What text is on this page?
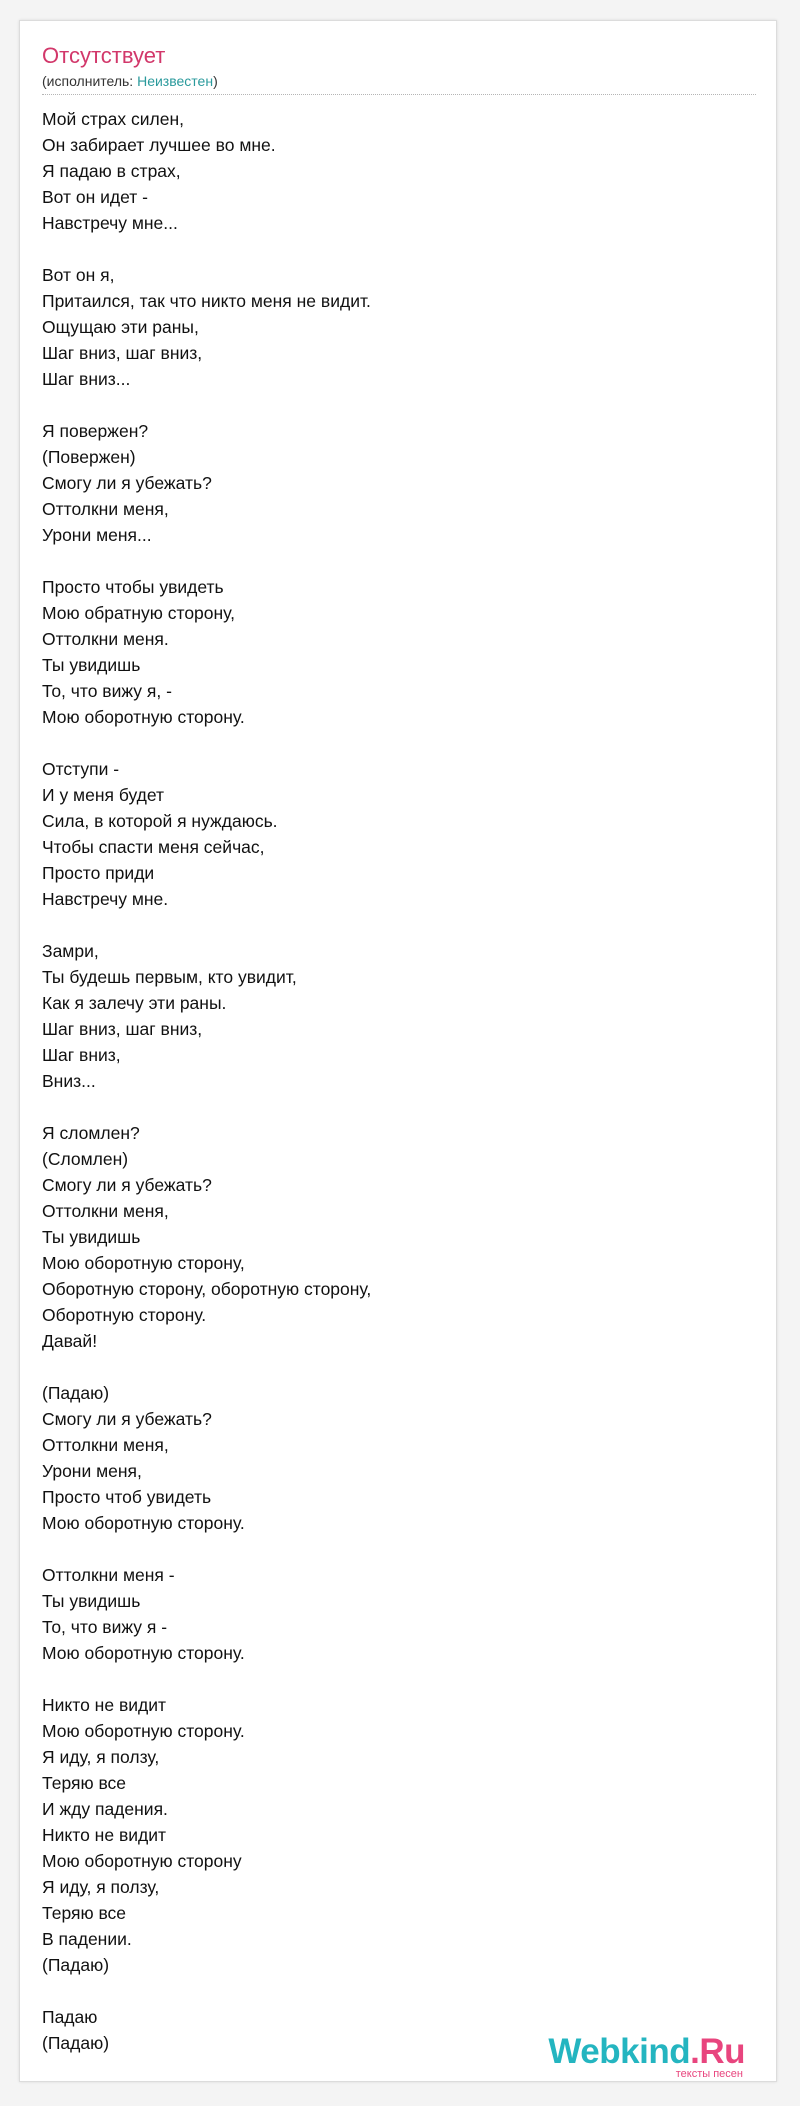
Отсутствует
(исполнитель: Неизвестен)
Мой страх силен,
Он забирает лучшее во мне.
Я падаю в страх,
Вот он идет -
Навстречу мне...
Вот он я,
Притаился, так что никто меня не видит.
Ощущаю эти раны,
Шаг вниз, шаг вниз,
Шаг вниз...
Я повержен?
(Повержен)
Смогу ли я убежать?
Оттолкни меня,
Урони меня...
Просто чтобы увидеть
Мою обратную сторону,
Оттолкни меня.
Ты увидишь
То, что вижу я, -
Мою оборотную сторону.
Отступи -
И у меня будет
Сила, в которой я нуждаюсь.
Чтобы спасти меня сейчас,
Просто приди
Навстречу мне.
Замри,
Ты будешь первым, кто увидит,
Как я залечу эти раны.
Шаг вниз, шаг вниз,
Шаг вниз,
Вниз...
Я сломлен?
(Сломлен)
Смогу ли я убежать?
Оттолкни меня,
Ты увидишь
Мою оборотную сторону,
Оборотную сторону, оборотную сторону,
Оборотную сторону.
Давай!
(Падаю)
Смогу ли я убежать?
Оттолкни меня,
Урони меня,
Просто чтоб увидеть
Мою оборотную сторону.
Оттолкни меня -
Ты увидишь
То, что вижу я -
Мою оборотную сторону.
Никто не видит
Мою оборотную сторону.
Я иду, я ползу,
Теряю все
И жду падения.
Никто не видит
Мою оборотную сторону
Я иду, я ползу,
Теряю все
В падении.
(Падаю)
Падаю
(Падаю)	Webkind.Ru
тексты песен
